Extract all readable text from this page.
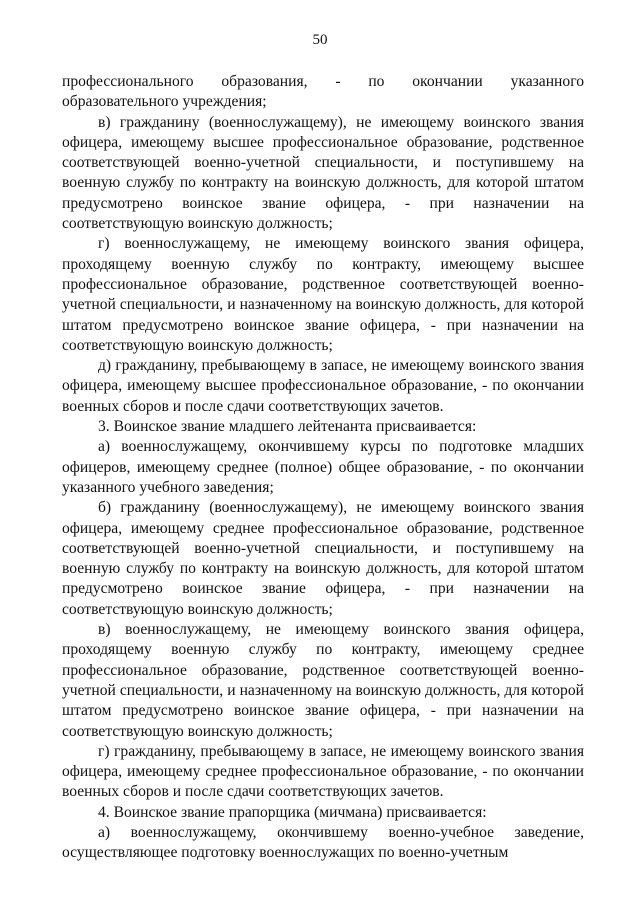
50

профессионального образования, - по окончании указанного образовательного учреждения;

в) гражданину (военнослужащему), не имеющему воинского звания офицера, имеющему высшее профессиональное образование, родственное соответствующей военно-учетной специальности, и поступившему на военную службу по контракту на воинскую должность, для которой штатом предусмотрено воинское звание офицера, - при назначении на соответствующую воинскую должность;

г) военнослужащему, не имеющему воинского звания офицера, проходящему военную службу по контракту, имеющему высшее профессиональное образование, родственное соответствующей военно-учетной специальности, и назначенному на воинскую должность, для которой штатом предусмотрено воинское звание офицера, - при назначении на соответствующую воинскую должность;

д) гражданину, пребывающему в запасе, не имеющему воинского звания офицера, имеющему высшее профессиональное образование, - по окончании военных сборов и после сдачи соответствующих зачетов.

3. Воинское звание младшего лейтенанта присваивается:

а) военнослужащему, окончившему курсы по подготовке младших офицеров, имеющему среднее (полное) общее образование, - по окончании указанного учебного заведения;

б) гражданину (военнослужащему), не имеющему воинского звания офицера, имеющему среднее профессиональное образование, родственное соответствующей военно-учетной специальности, и поступившему на военную службу по контракту на воинскую должность, для которой штатом предусмотрено воинское звание офицера, - при назначении на соответствующую воинскую должность;

в) военнослужащему, не имеющему воинского звания офицера, проходящему военную службу по контракту, имеющему среднее профессиональное образование, родственное соответствующей военно-учетной специальности, и назначенному на воинскую должность, для которой штатом предусмотрено воинское звание офицера, - при назначении на соответствующую воинскую должность;

г) гражданину, пребывающему в запасе, не имеющему воинского звания офицера, имеющему среднее профессиональное образование, - по окончании военных сборов и после сдачи соответствующих зачетов.

4. Воинское звание прапорщика (мичмана) присваивается:

а) военнослужащему, окончившему военно-учебное заведение, осуществляющее подготовку военнослужащих по военно-учетным
